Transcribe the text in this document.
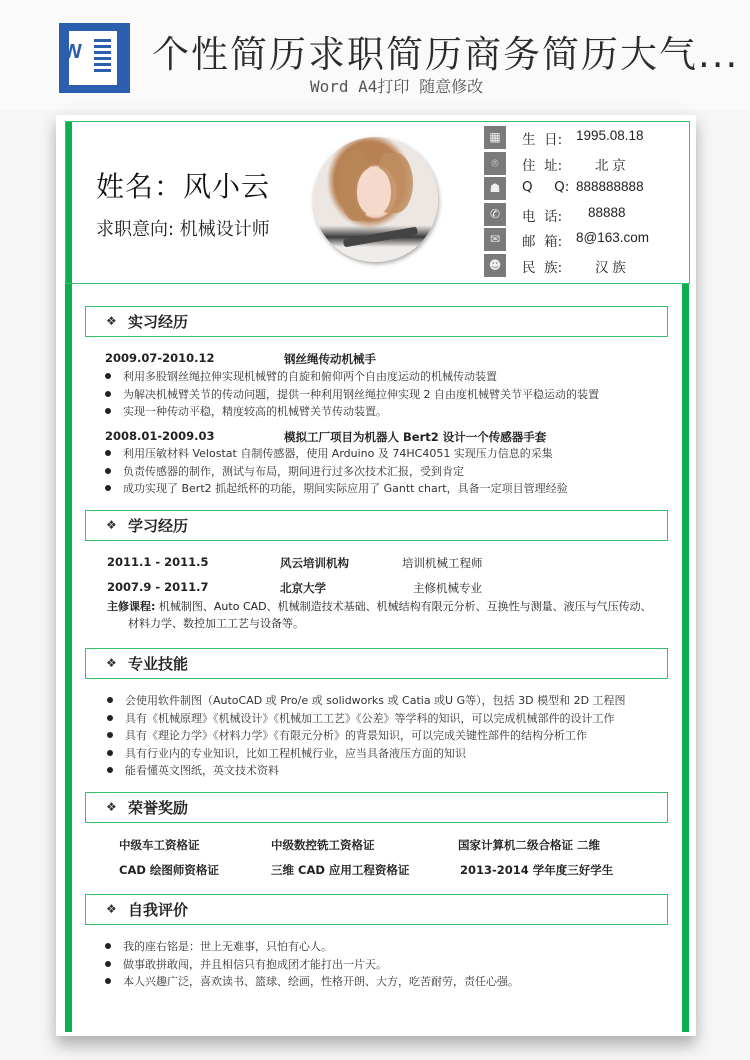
W 个性简历求职简历商务简历大气...
Word A4打印 随意修改
姓名：风小云
求职意向: 机械设计师
▦	生  日: 1995.08.18
⌾	住  址: 北 京
☗	Q     Q: 888888888
✆	电  话: 88888
✉	邮  箱: 8@163.com
☻	民  族: 汉 族
❖ 实习经历
2009.07-2010.12	钢丝绳传动机械手
利用多股钢丝绳拉伸实现机械臂的自旋和俯仰两个自由度运动的机械传动装置
为解决机械臂关节的传动问题，提供一种利用钢丝绳拉伸实现 2 自由度机械臂关节平稳运动的装置
实现一种传动平稳，精度较高的机械臂关节传动装置。
2008.01-2009.03	模拟工厂项目为机器人 Bert2 设计一个传感器手套
利用压敏材料 Velostat 自制传感器，使用 Arduino 及 74HC4051 实现压力信息的采集
负责传感器的制作，测试与布局，期间进行过多次技术汇报，受到肯定
成功实现了 Bert2 抓起纸杯的功能，期间实际应用了 Gantt chart，具备一定项目管理经验
❖ 学习经历
2011.1 - 2011.5	风云培训机构	培训机械工程师
2007.9 - 2011.7	北京大学	主修机械专业
主修课程: 机械制图、Auto CAD、机械制造技术基础、机械结构有限元分析、互换性与测量、液压与气压传动、
材料力学、数控加工工艺与设备等。
❖ 专业技能
会使用软件制图（AutoCAD 或 Pro/e 或 solidworks 或 Catia 或U G等），包括 3D 模型和 2D 工程图
具有《机械原理》《机械设计》《机械加工工艺》《公差》等学科的知识，可以完成机械部件的设计工作
具有《理论力学》《材料力学》《有限元分析》的背景知识，可以完成关键性部件的结构分析工作
具有行业内的专业知识，比如工程机械行业，应当具备液压方面的知识
能看懂英文图纸，英文技术资料
❖ 荣誉奖励
中级车工资格证	中级数控铣工资格证	国家计算机二级合格证 二维
CAD 绘图师资格证	三维 CAD 应用工程资格证	2013-2014 学年度三好学生
❖ 自我评价
我的座右铭是：世上无难事，只怕有心人。
做事敢拼敢闯，并且相信只有抱成团才能打出一片天。
本人兴趣广泛，喜欢读书、篮球、绘画，性格开朗、大方，吃苦耐劳，责任心强。
